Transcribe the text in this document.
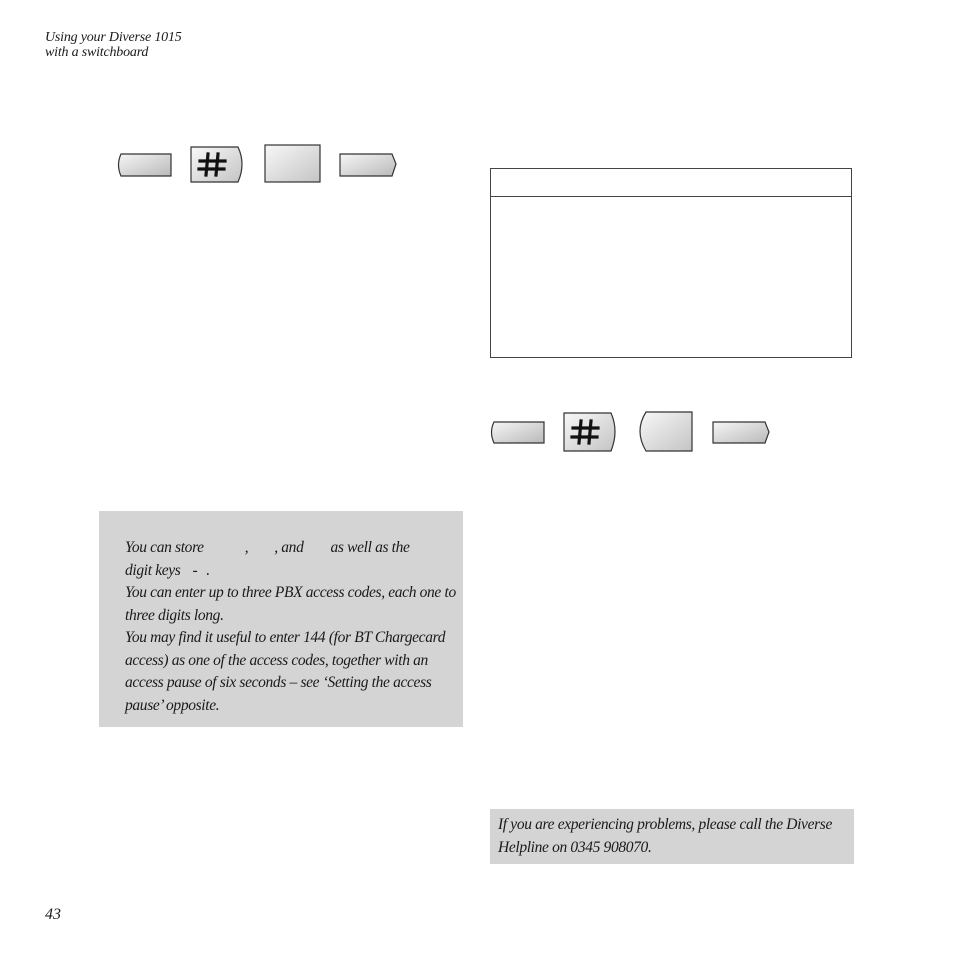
Using your Diverse 1015
with a switchboard

You can store	, , and as well as the
digit keys - .

You can enter up to three PBX access codes, each one to three digits long.

You may find it useful to enter 144 (for BT Chargecard access) as one of the access codes, together with an access pause of six seconds – see ‘Setting the access pause’ opposite.

If you are experiencing problems, please call the Diverse Helpline on 0345 908070.

43
